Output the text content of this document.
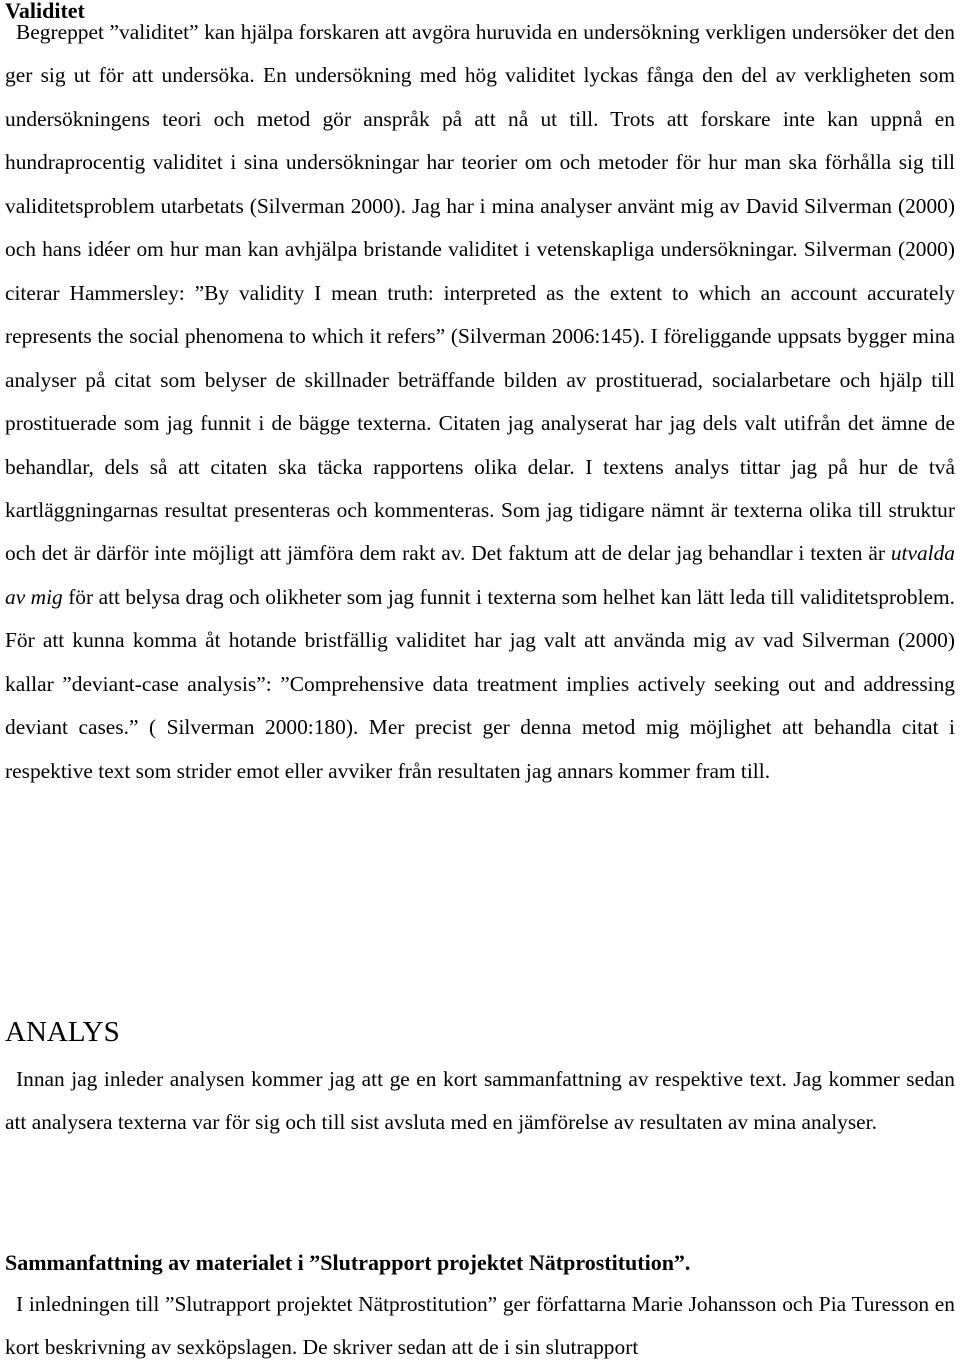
Validitet

Begreppet ”validitet” kan hjälpa forskaren att avgöra huruvida en undersökning verkligen undersöker det den ger sig ut för att undersöka. En undersökning med hög validitet lyckas fånga den del av verkligheten som undersökningens teori och metod gör anspråk på att nå ut till. Trots att forskare inte kan uppnå en hundraprocentig validitet i sina undersökningar har teorier om och metoder för hur man ska förhålla sig till validitetsproblem utarbetats (Silverman 2000). Jag har i mina analyser använt mig av David Silverman (2000) och hans idéer om hur man kan avhjälpa bristande validitet i vetenskapliga undersökningar. Silverman (2000) citerar Hammersley: ”By validity I mean truth: interpreted as the extent to which an account accurately represents the social phenomena to which it refers” (Silverman 2006:145). I föreliggande uppsats bygger mina analyser på citat som belyser de skillnader beträffande bilden av prostituerad, socialarbetare och hjälp till prostituerade som jag funnit i de bägge texterna. Citaten jag analyserat har jag dels valt utifrån det ämne de behandlar, dels så att citaten ska täcka rapportens olika delar. I textens analys tittar jag på hur de två kartläggningarnas resultat presenteras och kommenteras. Som jag tidigare nämnt är texterna olika till struktur och det är därför inte möjligt att jämföra dem rakt av. Det faktum att de delar jag behandlar i texten är utvalda av mig för att belysa drag och olikheter som jag funnit i texterna som helhet kan lätt leda till validitetsproblem. För att kunna komma åt hotande bristfällig validitet har jag valt att använda mig av vad Silverman (2000) kallar ”deviant-case analysis”: ”Comprehensive data treatment implies actively seeking out and addressing deviant cases.” ( Silverman 2000:180). Mer precist ger denna metod mig möjlighet att behandla citat i respektive text som strider emot eller avviker från resultaten jag annars kommer fram till.

ANALYS

Innan jag inleder analysen kommer jag att ge en kort sammanfattning av respektive text. Jag kommer sedan att analysera texterna var för sig och till sist avsluta med en jämförelse av resultaten av mina analyser.

Sammanfattning av materialet i ”Slutrapport projektet Nätprostitution”.

I inledningen till ”Slutrapport projektet Nätprostitution” ger författarna Marie Johansson och Pia Turesson en kort beskrivning av sexköpslagen. De skriver sedan att de i sin slutrapport
